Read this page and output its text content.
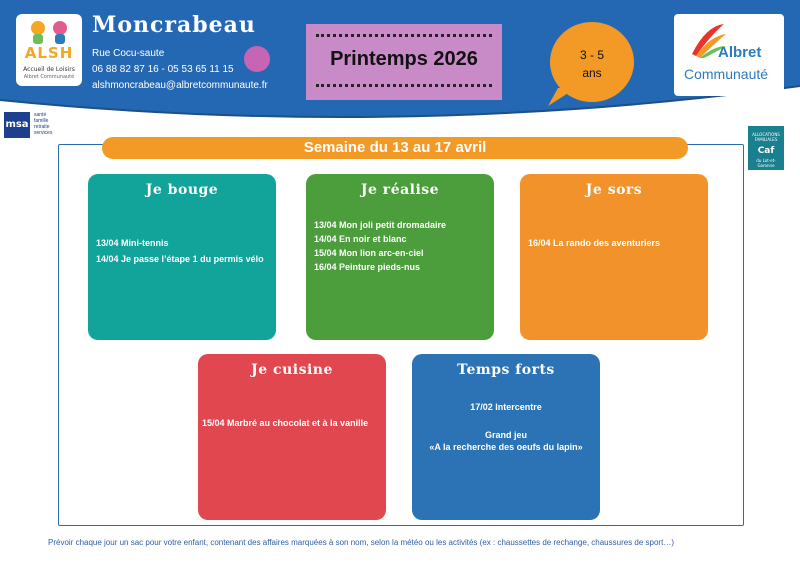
ALSH
Accueil de Loisirs
Albret Communauté
Moncrabeau
Rue Cocu-saute
06 88 82 87 16 - 05 53 65 11 15
alshmoncrabeau@albretcommunaute.fr
Printemps 2026	3 - 5
ans
Albret
Communauté
msa
santé
famille
retraite
services	ALLOCATIONS FAMILIALES
Caf
du Lot-et-Garonne
Semaine du 13 au 17 avril
Je bouge
13/04 Mini-tennis
14/04 Je passe l’étape 1 du permis vélo
Je réalise
13/04 Mon joli petit dromadaire
14/04 En noir et blanc
15/04 Mon lion arc-en-ciel
16/04 Peinture pieds-nus
Je sors
16/04 La rando des aventuriers
Je cuisine
15/04 Marbré au chocolat et à la vanille
Temps forts
17/02 Intercentre
Grand jeu
«A la recherche des oeufs du lapin»
Prévoir chaque jour un sac pour votre enfant, contenant des affaires marquées à son nom, selon la météo ou les activités (ex : chaussettes de rechange, chaussures de sport…)
